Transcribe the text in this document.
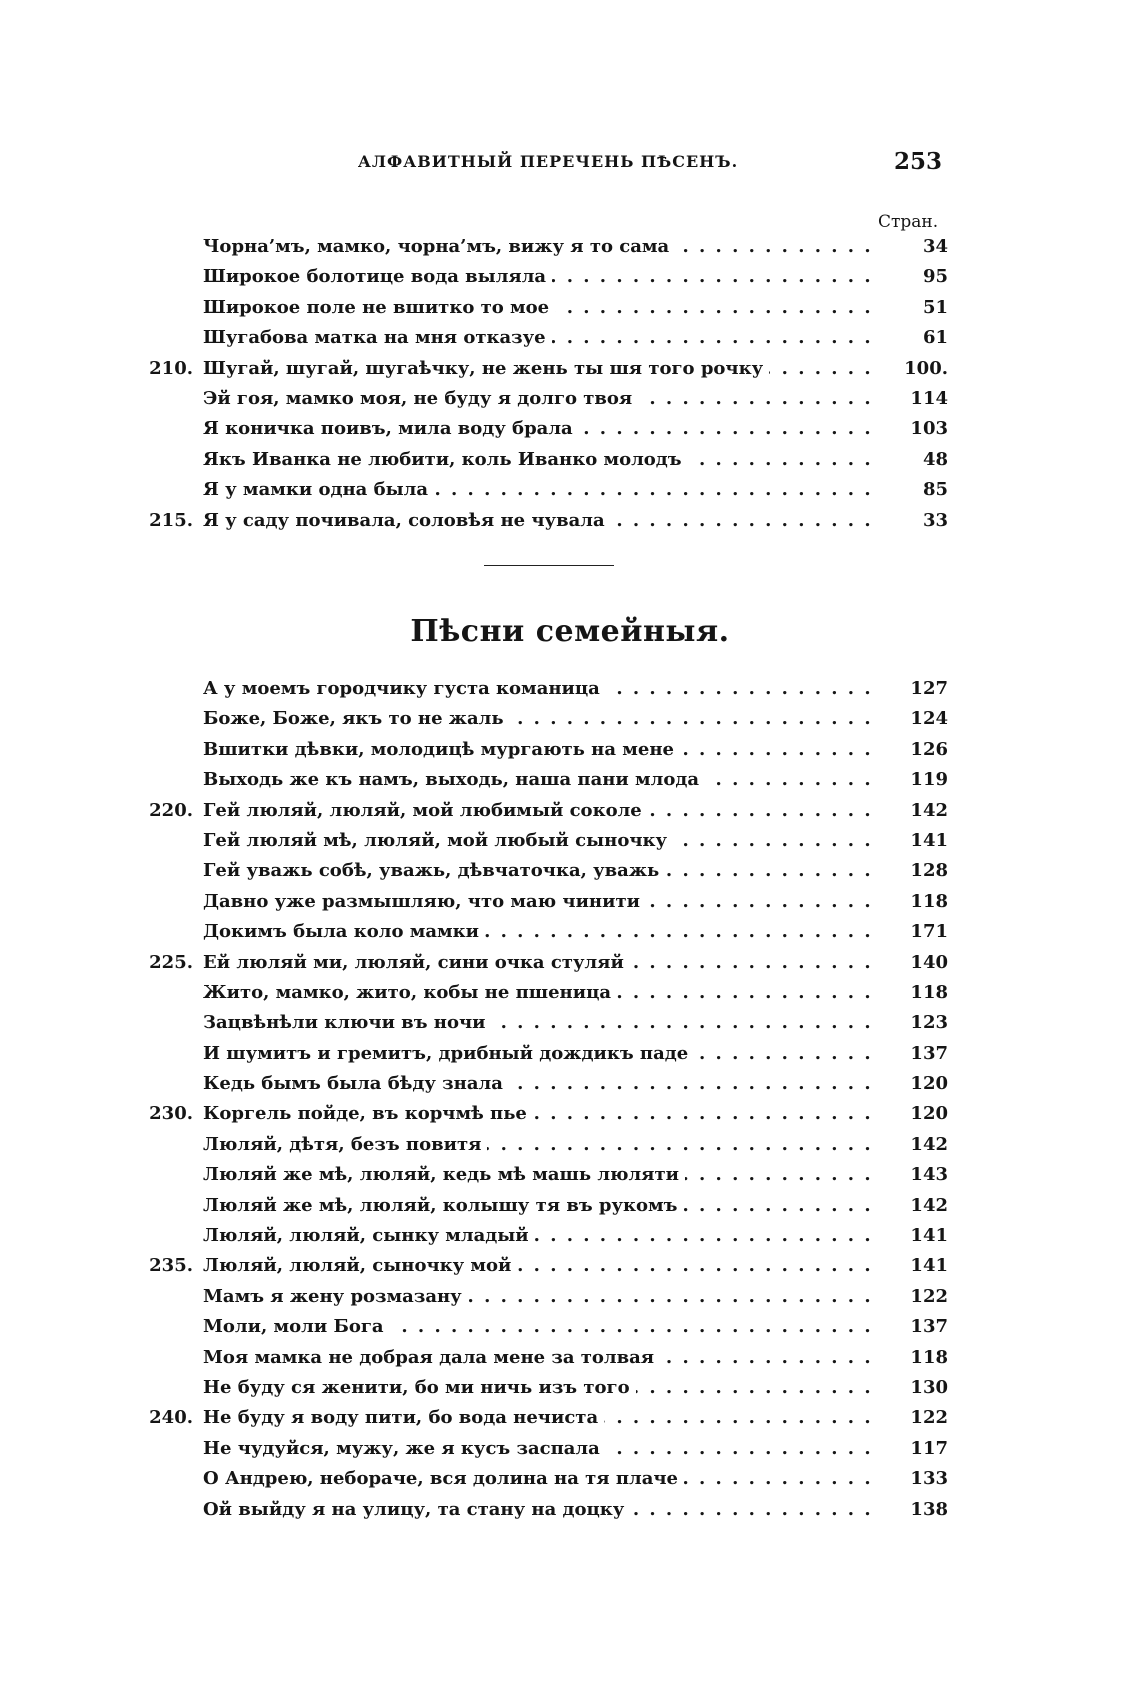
АЛФАВИТНЫЙ ПЕРЕЧЕНЬ ПѢСЕНЪ.	253
Стран.
Чорна’мъ, мамко, чорна’мъ, вижу я то сама . . .	34
Широкое болотице вода выляла . . .	95
Широкое поле не вшитко то мое . . .	51
Шугабова матка на мня отказуе . . .	61
210. Шугай, шугай, шугаѣчку, не жень ты шя того рочку . . .	100.
Эй гоя, мамко моя, не буду я долго твоя . . .	114
Я коничка поивъ, мила воду брала . . .	103
Якъ Иванка не любити, коль Иванко молодъ . . .	48
Я у мамки одна была . . .	85
215. Я у саду почивала, соловѣя не чувала . . .	33
Пѣсни семейныя.
А у моемъ городчику густа команица . . .	127
Боже, Боже, якъ то не жаль . . .	124
Вшитки дѣвки, молодицѣ мургають на мене . . .	126
Выходь же къ намъ, выходь, наша пани млода . . .	119
220. Гей люляй, люляй, мой любимый соколе . . .	142
Гей люляй мѣ, люляй, мой любый сыночку . . .	141
Гей уважь собѣ, уважь, дѣвчаточка, уважь . . .	128
Давно уже размышляю, что маю чинити . . .	118
Докимъ была коло мамки . . .	171
225. Ей люляй ми, люляй, сини очка стуляй . . .	140
Жито, мамко, жито, кобы не пшеница . . .	118
Зацвѣнѣли ключи въ ночи . . .	123
И шумитъ и гремитъ, дрибный дождикъ паде . . .	137
Кедь бымъ была бѣду знала . . .	120
230. Коргель пойде, въ корчмѣ пье . . .	120
Люляй, дѣтя, безъ повитя . . .	142
Люляй же мѣ, люляй, кедь мѣ машь люляти . . .	143
Люляй же мѣ, люляй, колышу тя въ рукомъ . . .	142
Люляй, люляй, сынку младый . . .	141
235. Люляй, люляй, сыночку мой . . .	141
Мамъ я жену розмазану . . .	122
Моли, моли Бога . . .	137
Моя мамка не добрая дала мене за толвая . . .	118
Не буду ся женити, бо ми ничь изъ того . . .	130
240. Не буду я воду пити, бо вода нечиста . . .	122
Не чудуйся, мужу, же я кусъ заспала . . .	117
О Андрею, небораче, вся долина на тя плаче . . .	133
Ой выйду я на улицу, та стану на доцку . . .	138
